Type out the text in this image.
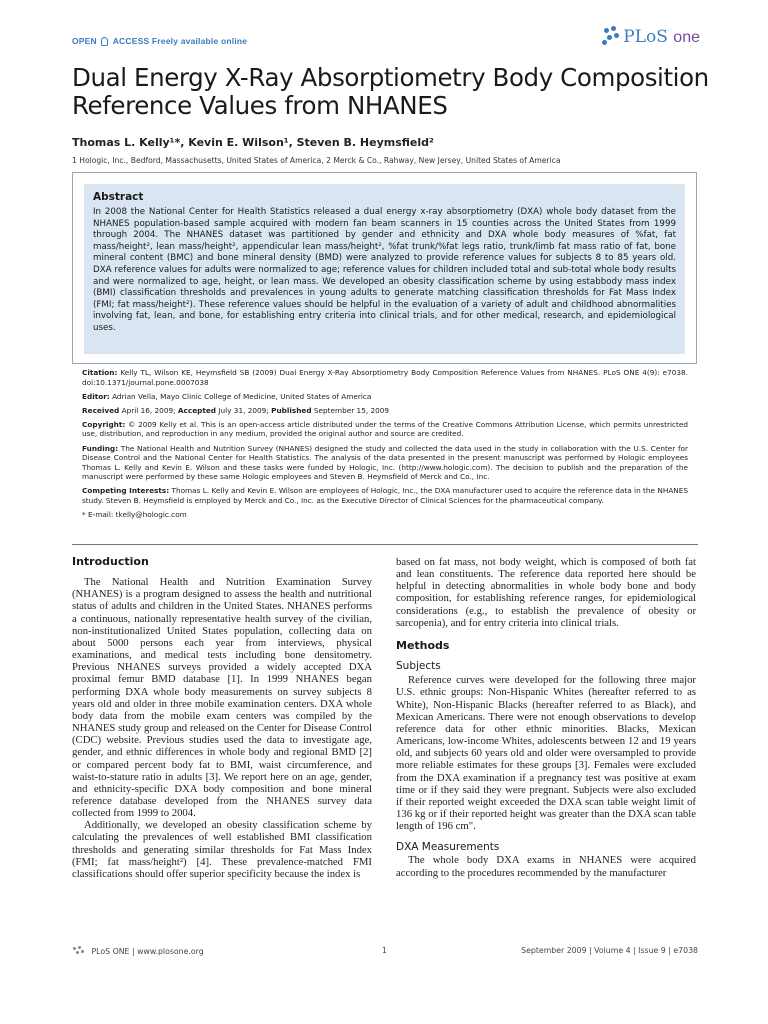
OPEN ACCESS Freely available online	PLoS one
Dual Energy X-Ray Absorptiometry Body Composition Reference Values from NHANES
Thomas L. Kelly¹*, Kevin E. Wilson¹, Steven B. Heymsfield²
1 Hologic, Inc., Bedford, Massachusetts, United States of America, 2 Merck & Co., Rahway, New Jersey, United States of America
Abstract
In 2008 the National Center for Health Statistics released a dual energy x-ray absorptiometry (DXA) whole body dataset from the NHANES population-based sample acquired with modern fan beam scanners in 15 counties across the United States from 1999 through 2004. The NHANES dataset was partitioned by gender and ethnicity and DXA whole body measures of %fat, fat mass/height², lean mass/height², appendicular lean mass/height², %fat trunk/%fat legs ratio, trunk/limb fat mass ratio of fat, bone mineral content (BMC) and bone mineral density (BMD) were analyzed to provide reference values for subjects 8 to 85 years old. DXA reference values for adults were normalized to age; reference values for children included total and sub-total whole body results and were normalized to age, height, or lean mass. We developed an obesity classification scheme by using estabbody mass index (BMI) classification thresholds and prevalences in young adults to generate matching classification thresholds for Fat Mass Index (FMI; fat mass/height²). These reference values should be helpful in the evaluation of a variety of adult and childhood abnormalities involving fat, lean, and bone, for establishing entry criteria into clinical trials, and for other medical, research, and epidemiological uses.

Citation: Kelly TL, Wilson KE, Heymsfield SB (2009) Dual Energy X-Ray Absorptiometry Body Composition Reference Values from NHANES. PLoS ONE 4(9): e7038. doi:10.1371/journal.pone.0007038

Editor: Adrian Vella, Mayo Clinic College of Medicine, United States of America

Received April 16, 2009; Accepted July 31, 2009; Published September 15, 2009

Copyright: © 2009 Kelly et al. This is an open-access article distributed under the terms of the Creative Commons Attribution License, which permits unrestricted use, distribution, and reproduction in any medium, provided the original author and source are credited.

Funding: The National Health and Nutrition Survey (NHANES) designed the study and collected the data used in the study in collaboration with the U.S. Center for Disease Control and the National Center for Health Statistics. The analysis of the data presented in the present manuscript was performed by Hologic employees Thomas L. Kelly and Kevin E. Wilson and these tasks were funded by Hologic, Inc. (http://www.hologic.com). The decision to publish and the preparation of the manuscript were performed by these same Hologic employees and Steven B. Heymsfield of Merck and Co., Inc.

Competing Interests: Thomas L. Kelly and Kevin E. Wilson are employees of Hologic, Inc., the DXA manufacturer used to acquire the reference data in the NHANES study. Steven B. Heymsfield is employed by Merck and Co., Inc. as the Executive Director of Clinical Sciences for the pharmaceutical company.

* E-mail: tkelly@hologic.com

Introduction

The National Health and Nutrition Examination Survey (NHANES) is a program designed to assess the health and nutritional status of adults and children in the United States. NHANES performs a continuous, nationally representative health survey of the civilian, non-institutionalized United States population, collecting data on about 5000 persons each year from interviews, physical examinations, and medical tests including bone densitometry. Previous NHANES surveys provided a widely accepted DXA proximal femur BMD database [1]. In 1999 NHANES began performing DXA whole body measurements on survey subjects 8 years old and older in three mobile examination centers. DXA whole body data from the mobile exam centers was compiled by the NHANES study group and released on the Center for Disease Control (CDC) website. Previous studies used the data to investigate age, gender, and ethnic differences in whole body and regional BMD [2] or compared percent body fat to BMI, waist circumference, and waist-to-stature ratio in adults [3]. We report here on an age, gender, and ethnicity-specific DXA body composition and bone mineral reference database developed from the NHANES survey data collected from 1999 to 2004.

Additionally, we developed an obesity classification scheme by calculating the prevalences of well established BMI classification thresholds and generating similar thresholds for Fat Mass Index (FMI; fat mass/height²) [4]. These prevalence-matched FMI classifications should offer superior specificity because the index is

based on fat mass, not body weight, which is composed of both fat and lean constituents. The reference data reported here should be helpful in detecting abnormalities in whole body bone and body composition, for establishing reference ranges, for epidemiological considerations (e.g., to establish the prevalence of obesity or sarcopenia), and for entry criteria into clinical trials.

Methods
Subjects

Reference curves were developed for the following three major U.S. ethnic groups: Non-Hispanic Whites (hereafter referred to as White), Non-Hispanic Blacks (hereafter referred to as Black), and Mexican Americans. There were not enough observations to develop reference data for other ethnic minorities. Blacks, Mexican Americans, low-income Whites, adolescents between 12 and 19 years old, and subjects 60 years old and older were oversampled to provide more reliable estimates for these groups [3]. Females were excluded from the DXA examination if a pregnancy test was positive at exam time or if they said they were pregnant. Subjects were also excluded if their reported weight exceeded the DXA scan table weight limit of 136 kg or if their reported height was greater than the DXA scan table length of 196 cm".

DXA Measurements

The whole body DXA exams in NHANES were acquired according to the procedures recommended by the manufacturer

PLoS ONE | www.plosone.org	1	September 2009 | Volume 4 | Issue 9 | e7038
